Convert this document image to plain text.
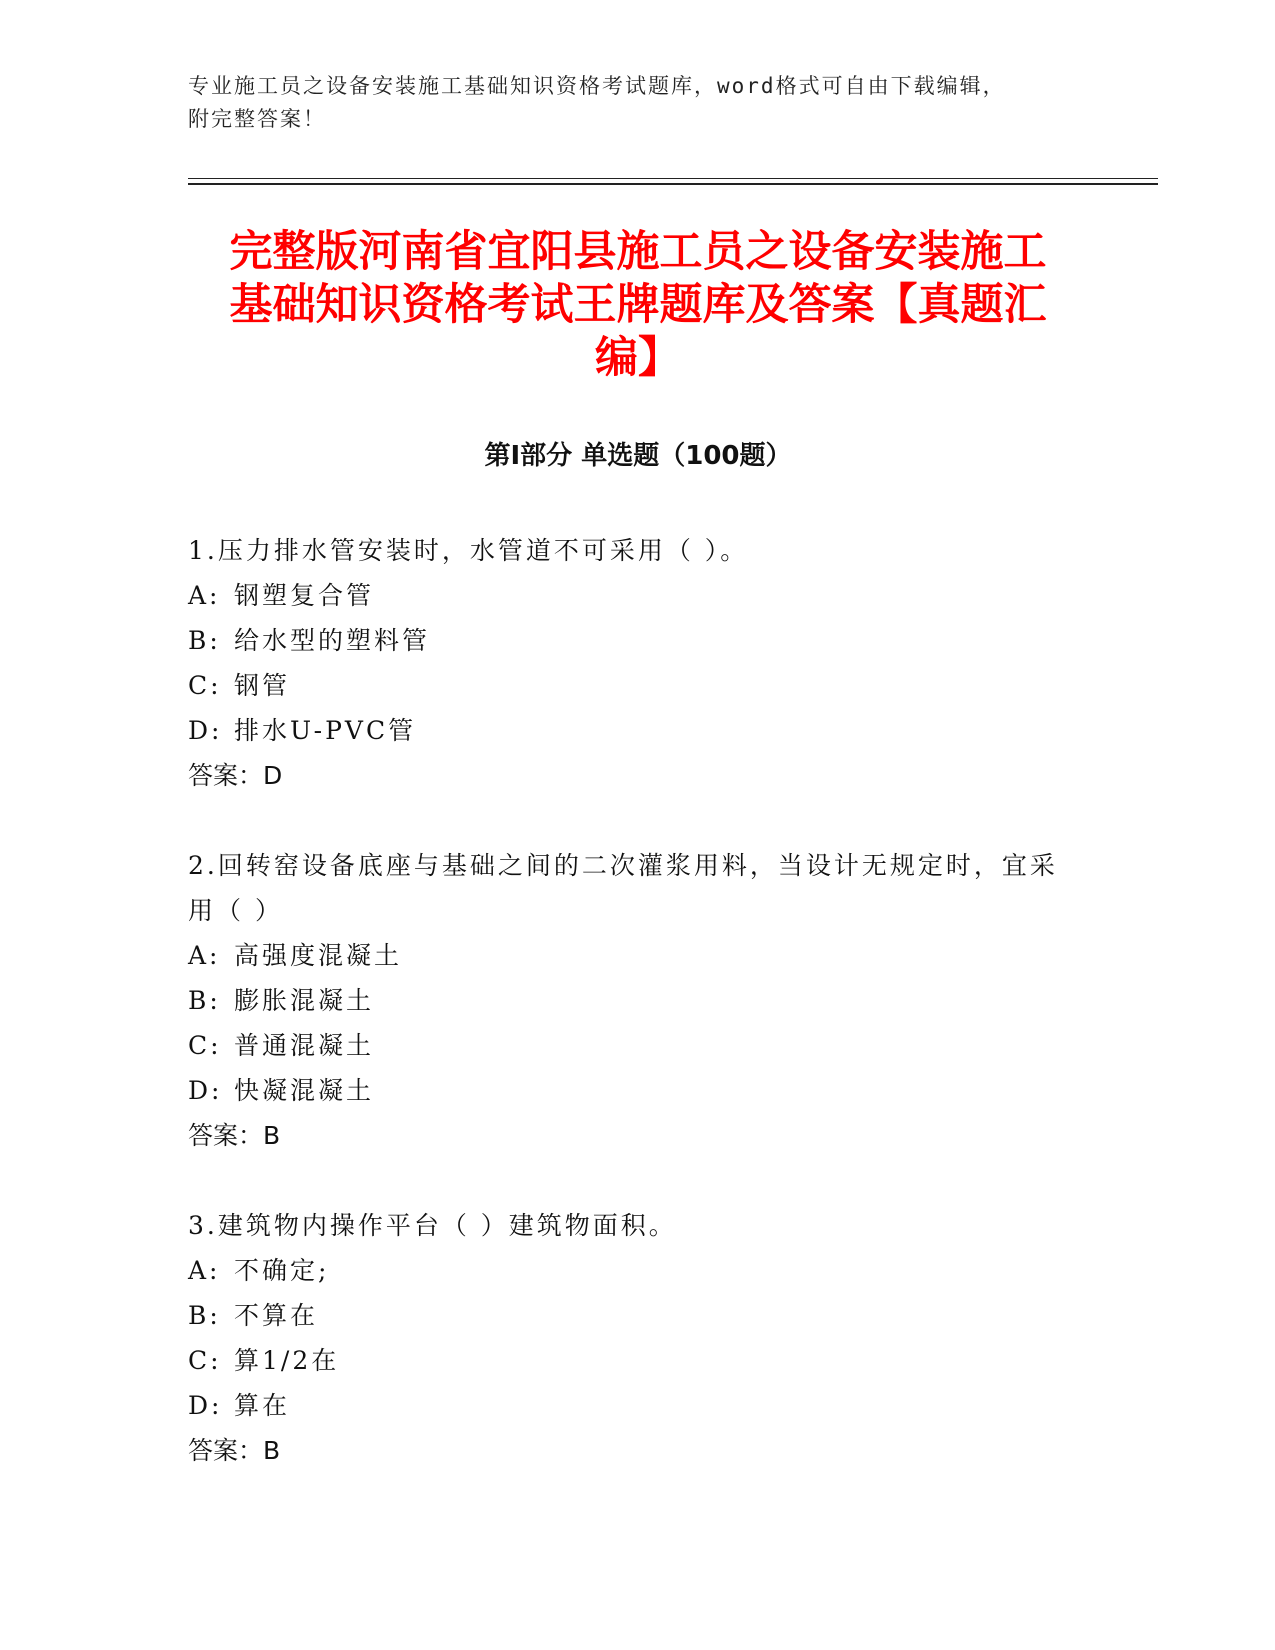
专业施工员之设备安装施工基础知识资格考试题库，word格式可自由下载编辑，
附完整答案！
完整版河南省宜阳县施工员之设备安装施工
基础知识资格考试王牌题库及答案【真题汇
编】
第Ⅰ部分 单选题（100题）
1.压力排水管安装时，水管道不可采用（ ）。
A: 钢塑复合管
B: 给水型的塑料管
C: 钢管
D: 排水U-PVC管
答案：D
2.回转窑设备底座与基础之间的二次灌浆用料，当设计无规定时，宜采用（ ）
A: 高强度混凝土
B: 膨胀混凝土
C: 普通混凝土
D: 快凝混凝土
答案：B
3.建筑物内操作平台（ ）建筑物面积。
A: 不确定;
B: 不算在
C: 算1/2在
D: 算在
答案：B
